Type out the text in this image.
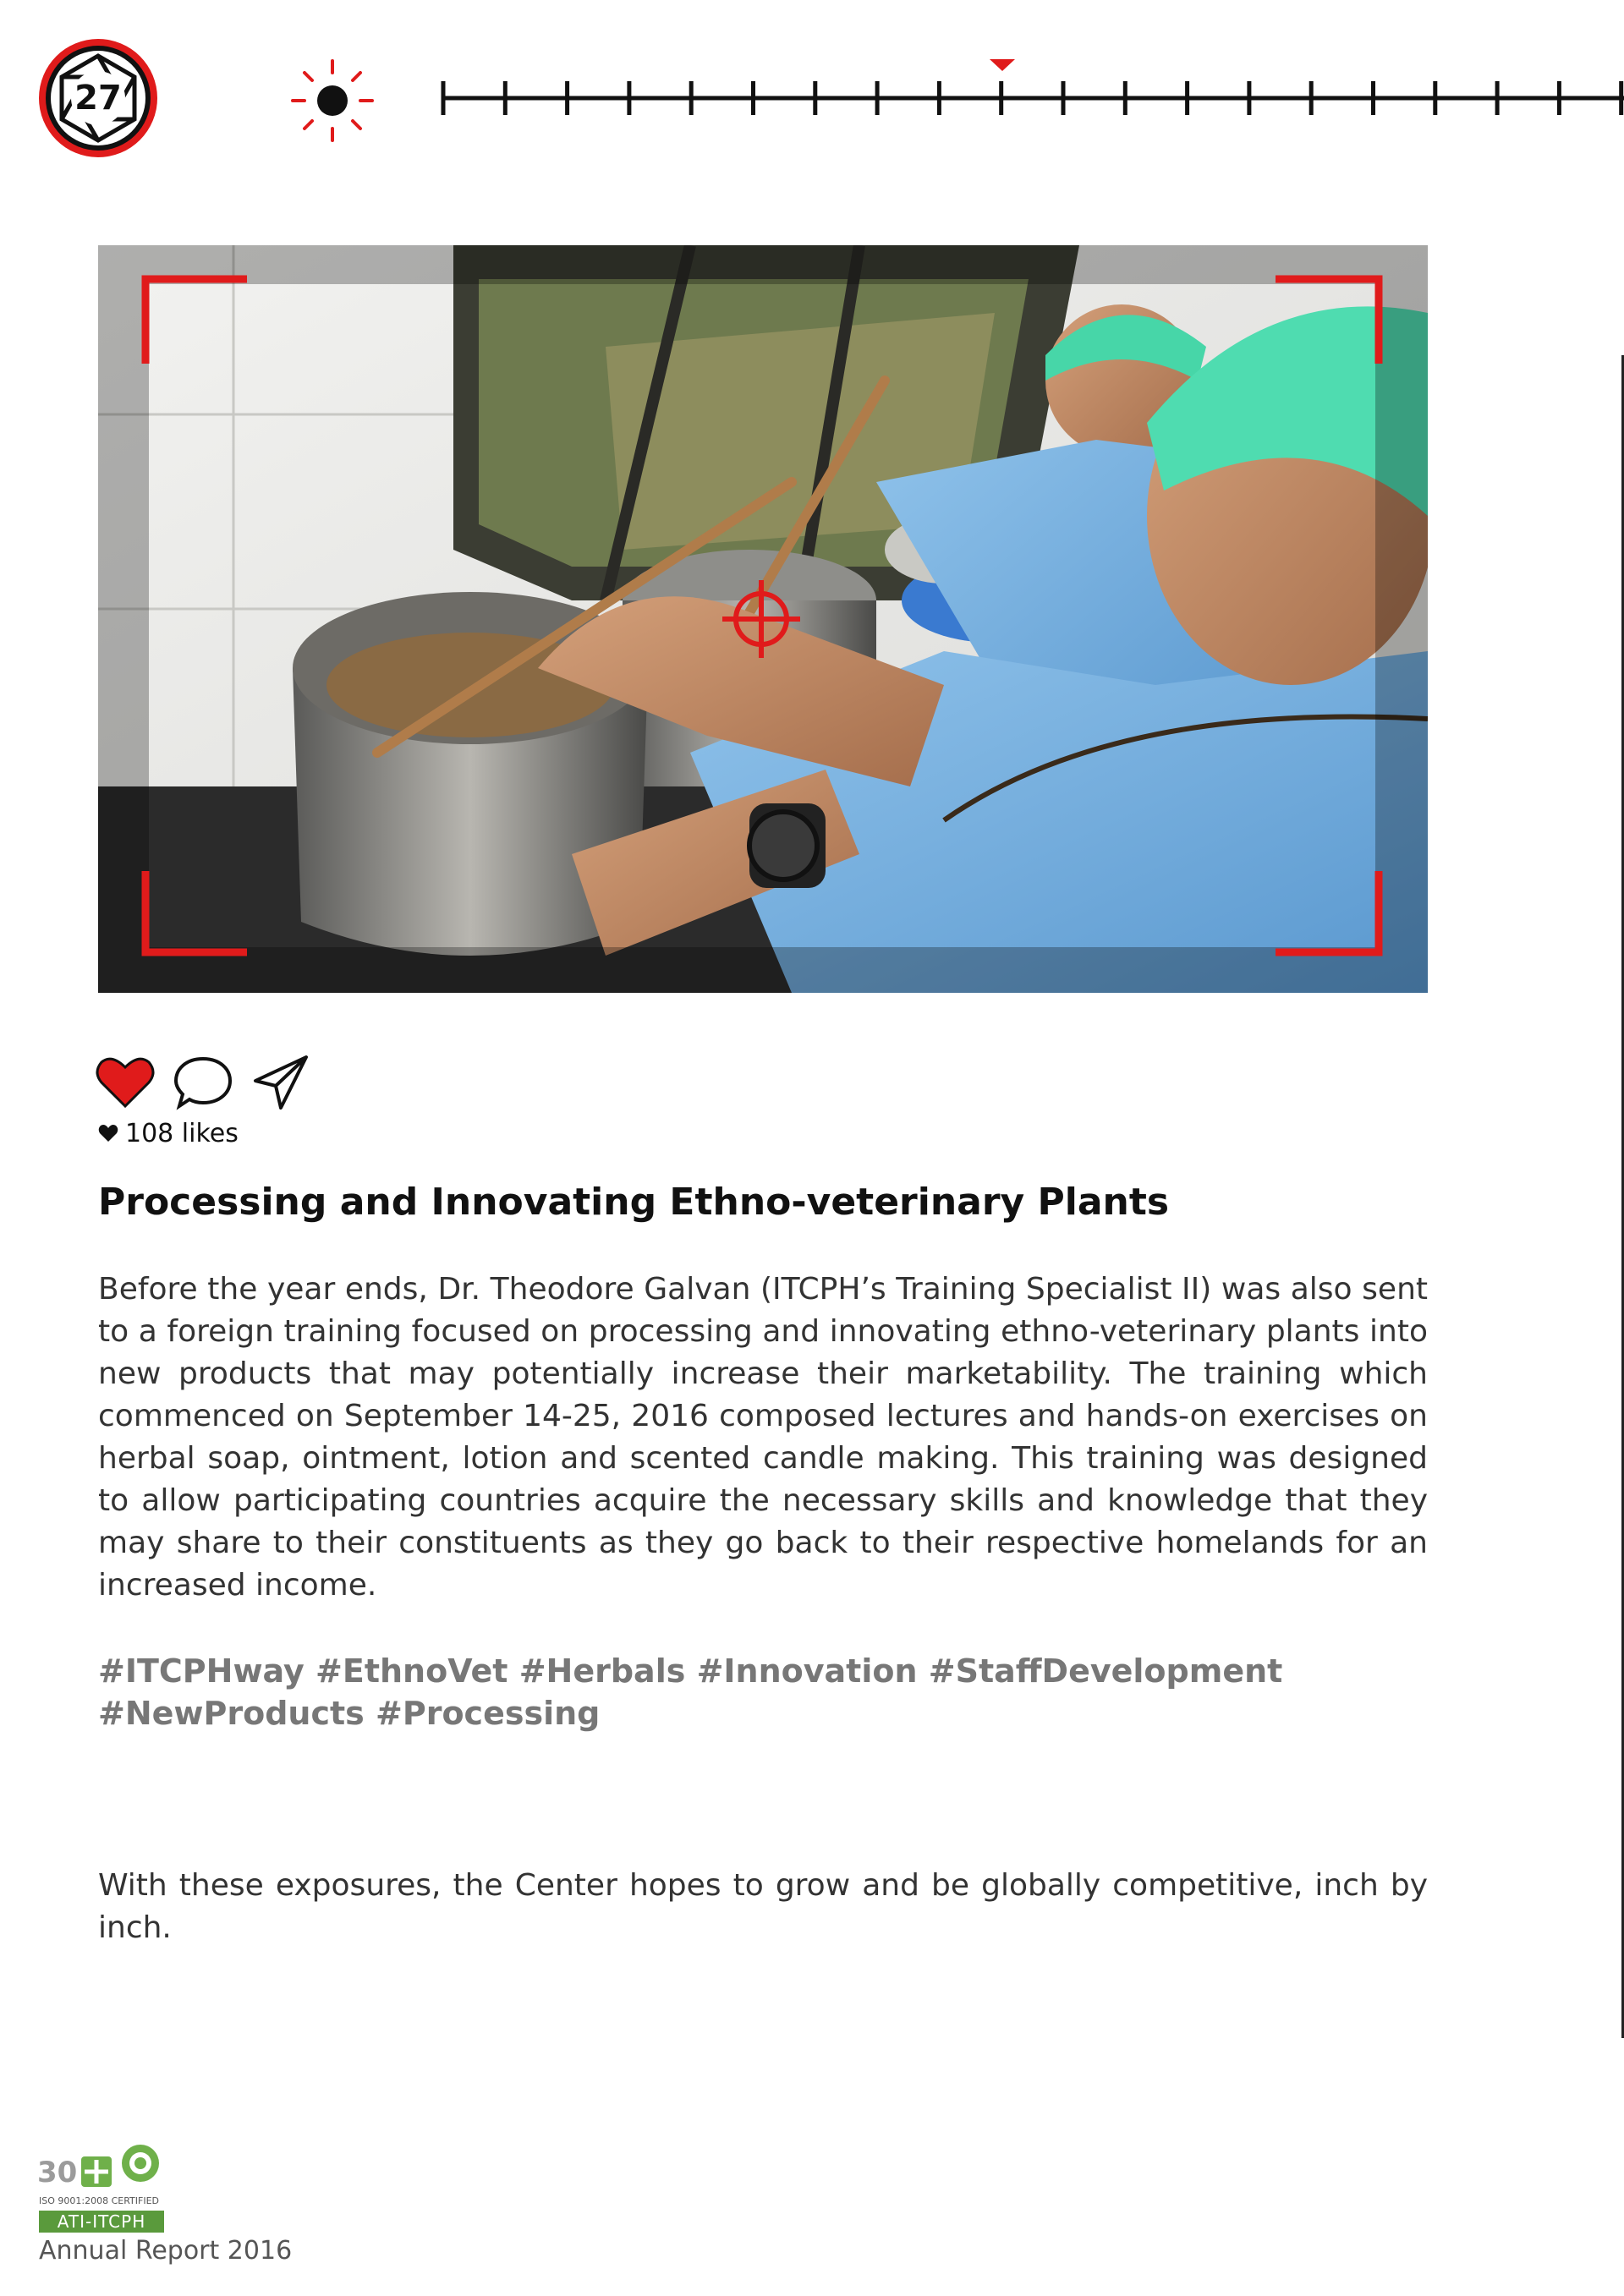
27
108 likes
Processing and Innovating Ethno-veterinary Plants

Before the year ends, Dr. Theodore Galvan (ITCPH’s Training Specialist II) was also sent to a foreign training focused on processing and innovating ethno-veterinary plants into new products that may potentially increase their marketability. The training which commenced on September 14-25, 2016 composed lectures and hands-on exercises on herbal soap, ointment, lotion and scented candle making. This training was designed to allow participating countries acquire the necessary skills and knowledge that they may share to their constituents as they go back to their respective homelands for an increased income.

#ITCPHway #EthnoVet #Herbals #Innovation #StaffDevelopment #NewProducts #Processing

With these exposures, the Center hopes to grow and be globally competitive, inch by inch.

30
ISO 9001:2008 CERTIFIED
ATI-ITCPH
Annual Report 2016
